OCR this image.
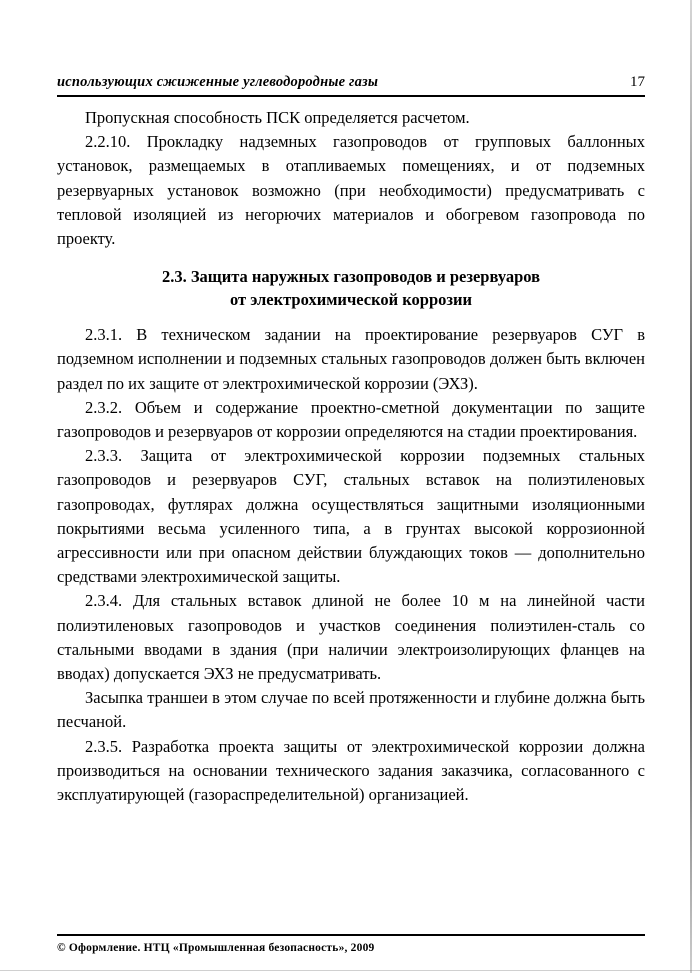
использующих сжиженные углеводородные газы	17

Пропускная способность ПСК определяется расчетом.

2.2.10. Прокладку надземных газопроводов от групповых баллонных установок, размещаемых в отапливаемых помещениях, и от подземных резервуарных установок возможно (при необходимости) предусматривать с тепловой изоляцией из негорючих материалов и обогревом газопровода по проекту.

2.3. Защита наружных газопроводов и резервуаров
от электрохимической коррозии

2.3.1. В техническом задании на проектирование резервуаров СУГ в подземном исполнении и подземных стальных газопроводов должен быть включен раздел по их защите от электрохимической коррозии (ЭХЗ).

2.3.2. Объем и содержание проектно-сметной документации по защите газопроводов и резервуаров от коррозии определяются на стадии проектирования.

2.3.3. Защита от электрохимической коррозии подземных стальных газопроводов и резервуаров СУГ, стальных вставок на полиэтиленовых газопроводах, футлярах должна осуществляться защитными изоляционными покрытиями весьма усиленного типа, а в грунтах высокой коррозионной агрессивности или при опасном действии блуждающих токов — дополнительно средствами электрохимической защиты.

2.3.4. Для стальных вставок длиной не более 10 м на линейной части полиэтиленовых газопроводов и участков соединения полиэтилен-сталь со стальными вводами в здания (при наличии электроизолирующих фланцев на вводах) допускается ЭХЗ не предусматривать.

Засыпка траншеи в этом случае по всей протяженности и глубине должна быть песчаной.

2.3.5. Разработка проекта защиты от электрохимической коррозии должна производиться на основании технического задания заказчика, согласованного с эксплуатирующей (газораспределительной) организацией.

© Оформление. НТЦ «Промышленная безопасность», 2009
